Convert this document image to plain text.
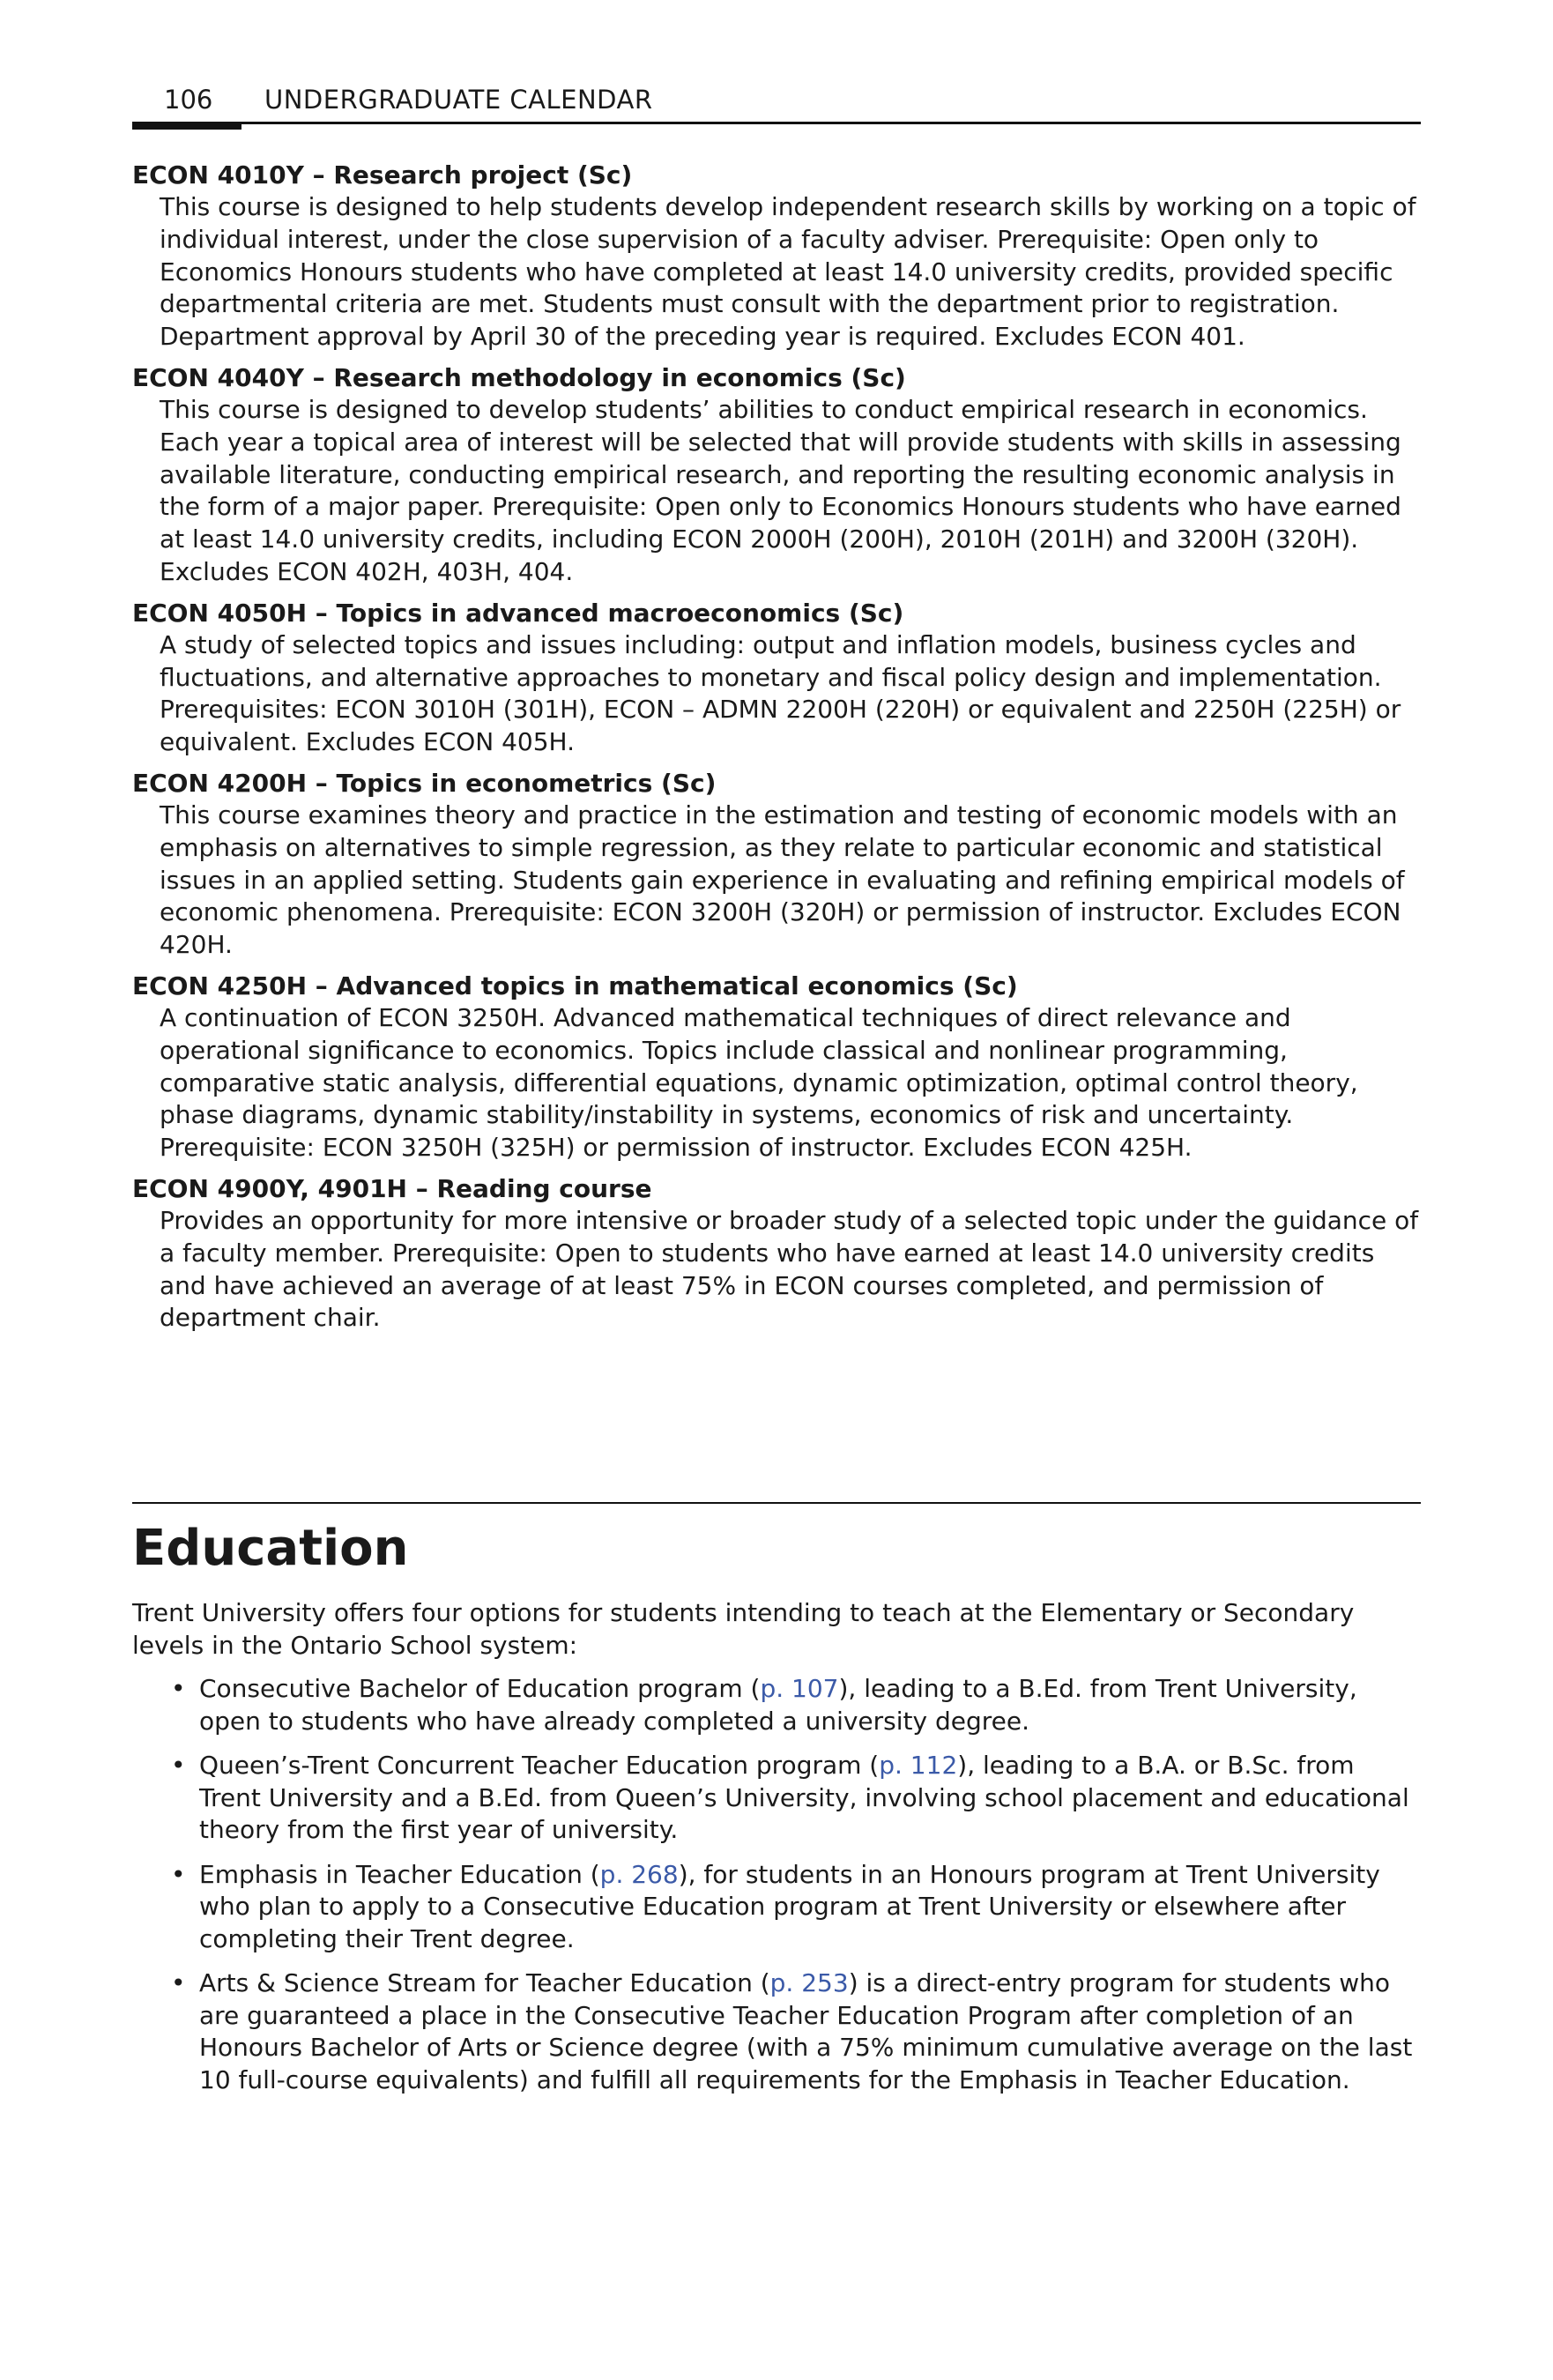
106 UNDERGRADUATE CALENDAR
ECON 4010Y – Research project (Sc)
This course is designed to help students develop independent research skills by working on a topic of individual interest, under the close supervision of a faculty adviser. Prerequisite: Open only to Economics Honours students who have completed at least 14.0 university credits, provided specific departmental criteria are met. Students must consult with the department prior to registration. Department approval by April 30 of the preceding year is required. Excludes ECON 401.
ECON 4040Y – Research methodology in economics (Sc)
This course is designed to develop students’ abilities to conduct empirical research in economics. Each year a topical area of interest will be selected that will provide students with skills in assessing available literature, conducting empirical research, and reporting the resulting economic analysis in the form of a major paper. Prerequisite: Open only to Economics Honours students who have earned at least 14.0 university credits, including ECON 2000H (200H), 2010H (201H) and 3200H (320H). Excludes ECON 402H, 403H, 404.
ECON 4050H – Topics in advanced macroeconomics (Sc)
A study of selected topics and issues including: output and inflation models, business cycles and fluctuations, and alternative approaches to monetary and fiscal policy design and implementation. Prerequisites: ECON 3010H (301H), ECON – ADMN 2200H (220H) or equivalent and 2250H (225H) or equivalent. Excludes ECON 405H.
ECON 4200H – Topics in econometrics (Sc)
This course examines theory and practice in the estimation and testing of economic models with an emphasis on alternatives to simple regression, as they relate to particular economic and statistical issues in an applied setting. Students gain experience in evaluating and refining empirical models of economic phenomena. Prerequisite: ECON 3200H (320H) or permission of instructor. Excludes ECON 420H.
ECON 4250H – Advanced topics in mathematical economics (Sc)
A continuation of ECON 3250H. Advanced mathematical techniques of direct relevance and operational significance to economics. Topics include classical and nonlinear programming, comparative static analysis, differential equations, dynamic optimization, optimal control theory, phase diagrams, dynamic stability/instability in systems, economics of risk and uncertainty. Prerequisite: ECON 3250H (325H) or permission of instructor. Excludes ECON 425H.
ECON 4900Y, 4901H – Reading course
Provides an opportunity for more intensive or broader study of a selected topic under the guidance of a faculty member. Prerequisite: Open to students who have earned at least 14.0 university credits and have achieved an average of at least 75% in ECON courses completed, and permission of department chair.
Education

Trent University offers four options for students intending to teach at the Elementary or Secondary levels in the Ontario School system:

• Consecutive Bachelor of Education program (p. 107), leading to a B.Ed. from Trent University, open to students who have already completed a university degree.
• Queen’s-Trent Concurrent Teacher Education program (p. 112), leading to a B.A. or B.Sc. from Trent University and a B.Ed. from Queen’s University, involving school placement and educational theory from the first year of university.
• Emphasis in Teacher Education (p. 268), for students in an Honours program at Trent University who plan to apply to a Consecutive Education program at Trent University or elsewhere after completing their Trent degree.
• Arts & Science Stream for Teacher Education (p. 253) is a direct-entry program for students who are guaranteed a place in the Consecutive Teacher Education Program after completion of an Honours Bachelor of Arts or Science degree (with a 75% minimum cumulative average on the last 10 full-course equivalents) and fulfill all requirements for the Emphasis in Teacher Education.
